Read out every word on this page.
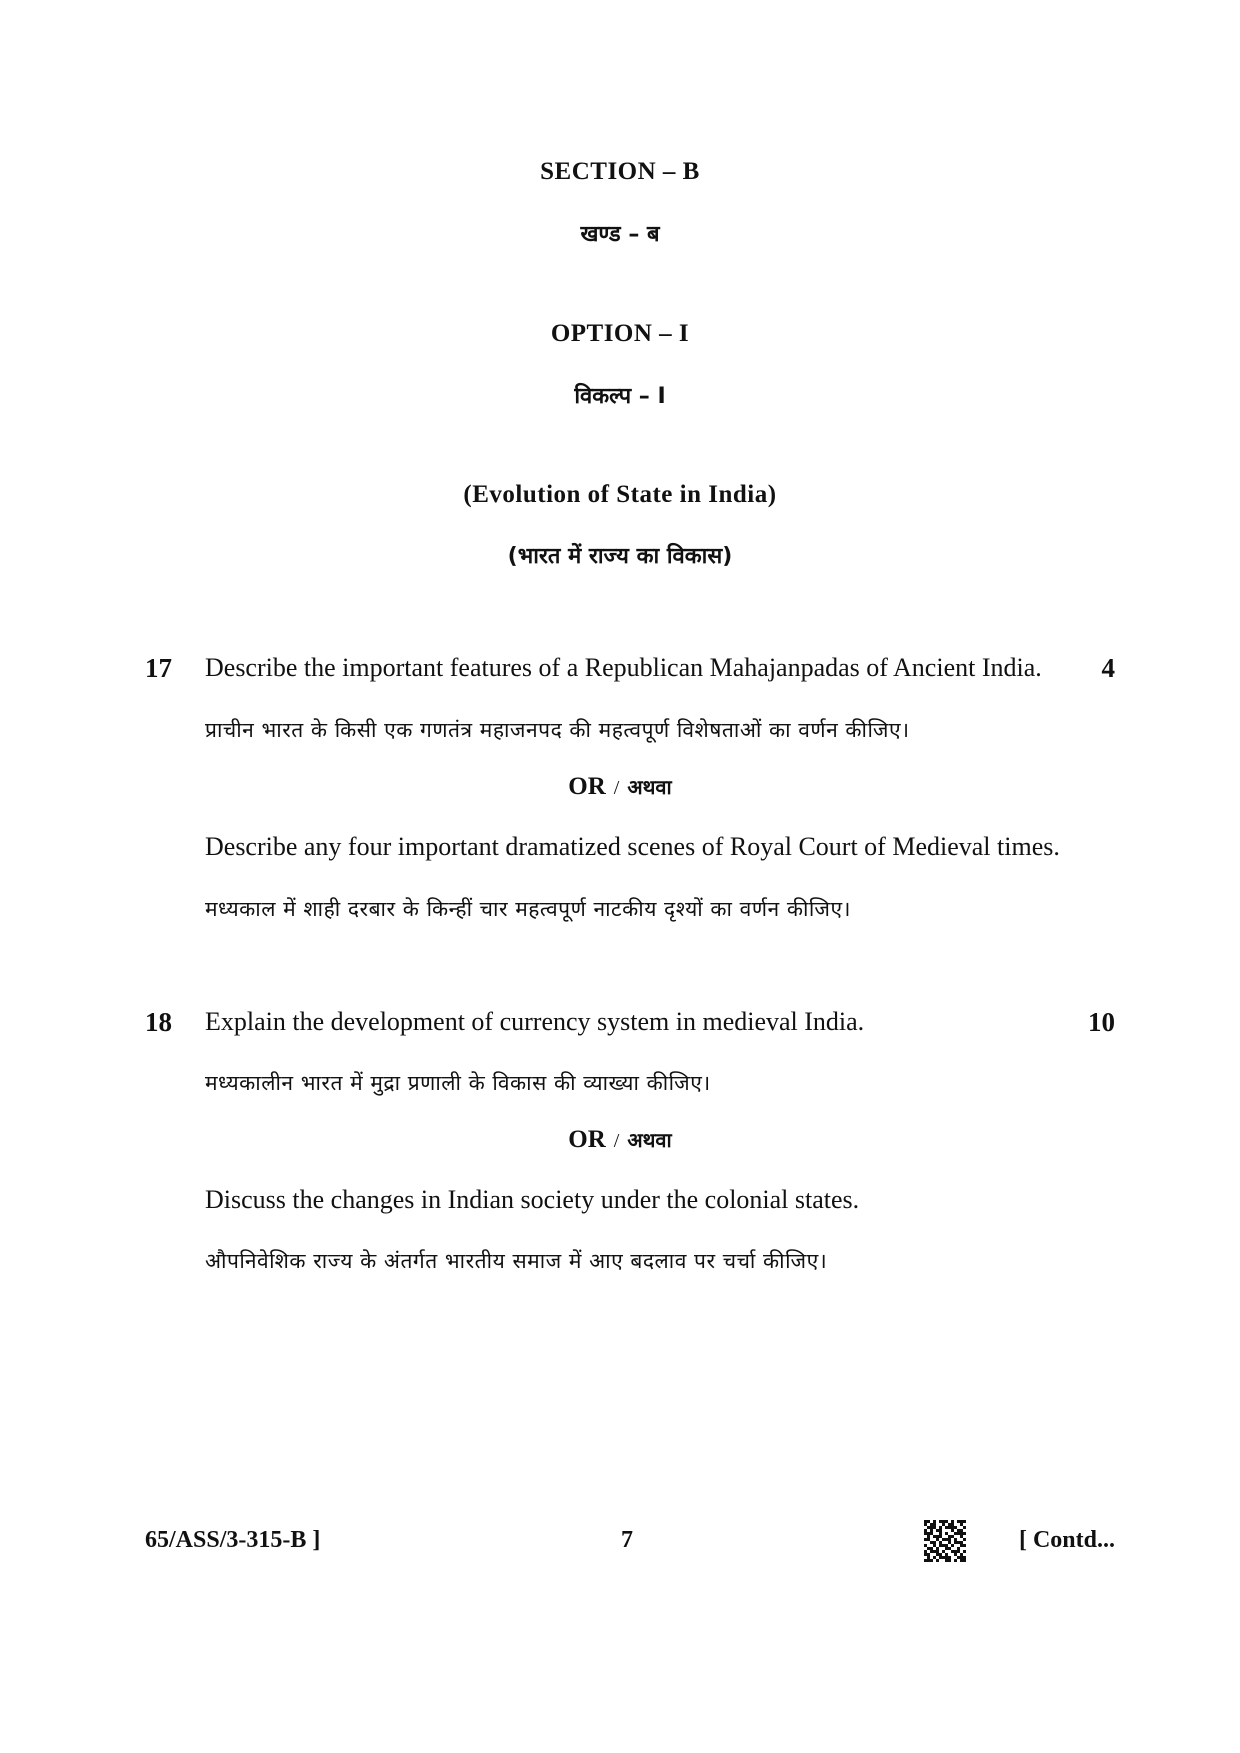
SECTION – B
खण्ड – ब
OPTION – I
विकल्प – I
(Evolution of State in India)
(भारत में राज्य का विकास)
17 Describe the important features of a Republican Mahajanpadas of Ancient India. 4
प्राचीन भारत के किसी एक गणतंत्र महाजनपद की महत्वपूर्ण विशेषताओं का वर्णन कीजिए।
OR / अथवा
Describe any four important dramatized scenes of Royal Court of Medieval times.
मध्यकाल में शाही दरबार के किन्हीं चार महत्वपूर्ण नाटकीय दृश्यों का वर्णन कीजिए।
18 Explain the development of currency system in medieval India.	10
मध्यकालीन भारत में मुद्रा प्रणाली के विकास की व्याख्या कीजिए।
OR / अथवा
Discuss the changes in Indian society under the colonial states.
औपनिवेशिक राज्य के अंतर्गत भारतीय समाज में आए बदलाव पर चर्चा कीजिए।
65/ASS/3-315-B ]	7	[ Contd...
